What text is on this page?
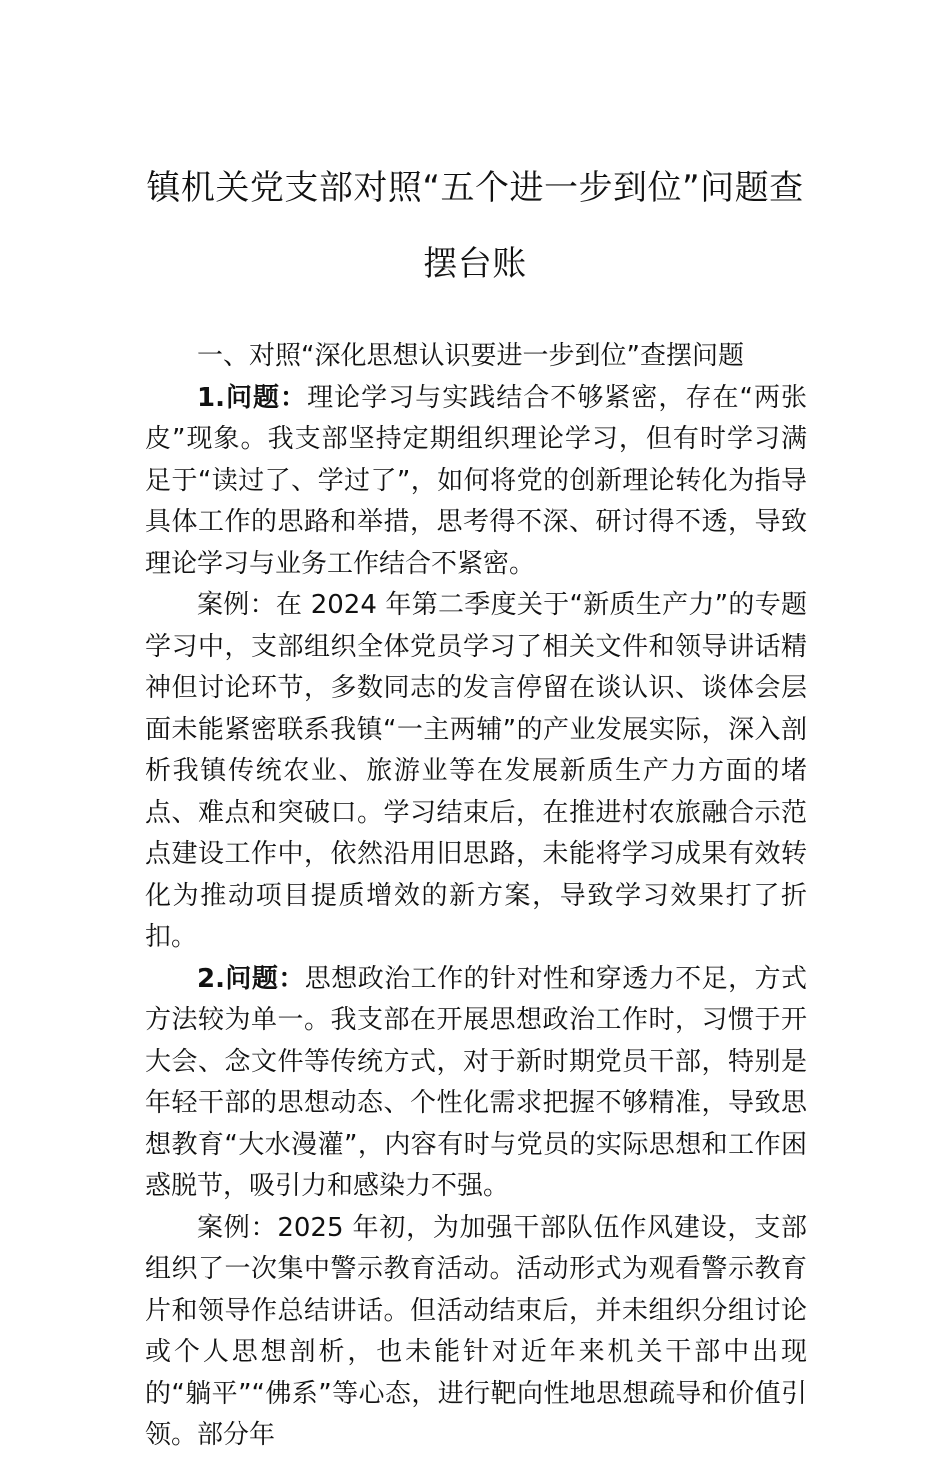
镇机关党支部对照“五个进一步到位”问题查
摆台账

一、对照“深化思想认识要进一步到位”查摆问题

1.问题：理论学习与实践结合不够紧密，存在“两张皮”现象。我支部坚持定期组织理论学习，但有时学习满足于“读过了、学过了”，如何将党的创新理论转化为指导具体工作的思路和举措，思考得不深、研讨得不透，导致理论学习与业务工作结合不紧密。

案例：在 2024 年第二季度关于“新质生产力”的专题学习中，支部组织全体党员学习了相关文件和领导讲话精神但讨论环节，多数同志的发言停留在谈认识、谈体会层面未能紧密联系我镇“一主两辅”的产业发展实际，深入剖析我镇传统农业、旅游业等在发展新质生产力方面的堵点、难点和突破口。学习结束后，在推进村农旅融合示范点建设工作中，依然沿用旧思路，未能将学习成果有效转化为推动项目提质增效的新方案，导致学习效果打了折扣。

2.问题：思想政治工作的针对性和穿透力不足，方式方法较为单一。我支部在开展思想政治工作时，习惯于开大会、念文件等传统方式，对于新时期党员干部，特别是年轻干部的思想动态、个性化需求把握不够精准，导致思想教育“大水漫灌”，内容有时与党员的实际思想和工作困惑脱节，吸引力和感染力不强。

案例：2025 年初，为加强干部队伍作风建设，支部组织了一次集中警示教育活动。活动形式为观看警示教育片和领导作总结讲话。但活动结束后，并未组织分组讨论或个人思想剖析，也未能针对近年来机关干部中出现的“躺平”“佛系”等心态，进行靶向性地思想疏导和价值引领。部分年
